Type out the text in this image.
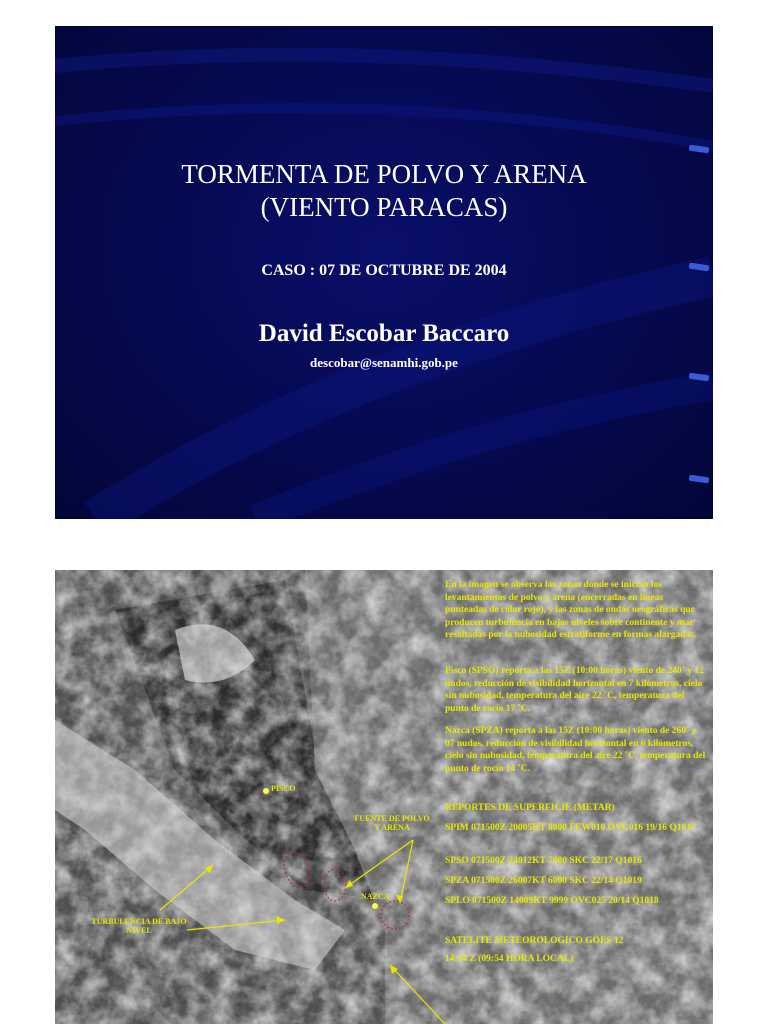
TORMENTA DE POLVO Y ARENA
(VIENTO PARACAS)
CASO : 07 DE OCTUBRE DE 2004
David Escobar Baccaro
descobar@senamhi.gob.pe
PISCO
NAZCA
FUENTE DE POLVO
Y ARENA
TURBULENCIA DE BAJO
NIVEL

En la imagen se observa las zonas donde se inician los levantamientos de polvo y arena (encerradas en líneas punteadas de color rojo), y las zonas de ondas orográficas que producen turbulencia en bajos niveles sobre continente y mar resaltadas por la nubosidad estratiforme en formas alargadas.

Pisco (SPSO) reporta a las 15Z (10:00 horas) viento de 240˚ y 12 nudos, reducción de visibilidad horizontal en 7 kilómetros, cielo sin nubosidad, temperatura del aire 22 ˚C, temperatura del punto de rocío 17 ˚C.

Nazca (SPZA) reporta a las 15Z (10:00 horas) viento de 260˚ y 07 nudos, reducción de visibilidad horizontal en 6 kilómetros, cielo sin nubosidad, temperatura del aire 22 ˚C, temperatura del punto de rocío 14 ˚C.

REPORTES DE SUPERFICIE (METAR)
SPIM 071500Z 20005KT 8000 FEW010 OVC016 19/16 Q1017
SPSO 071500Z 24012KT 7000 SKC 22/17 Q1016
SPZA 071500Z 26007KT 6000 SKC 22/14 Q1019
SPLO 071500Z 14009KT 9999 OVC025 20/14 Q1018
SATELITE METEOROLOGICO GOES 12
14:54 Z (09:54 HORA LOCAL)
